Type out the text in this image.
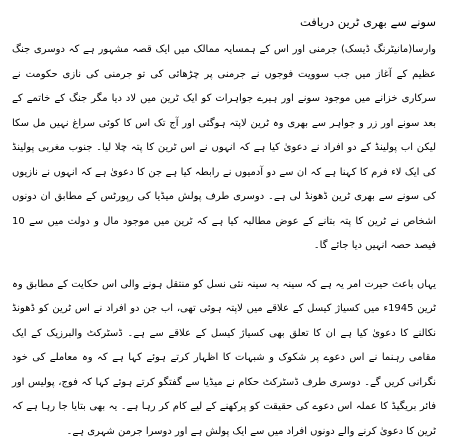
سونے سے بھری ٹرین دریافت

وارسا(مانیٹرنگ ڈیسک) جرمنی اور اس کے ہمسایہ ممالک میں ایک قصہ مشہور ہے کہ دوسری جنگ عظیم کے آغاز میں جب سوویت فوجوں نے جرمنی پر چڑھائی کی تو جرمنی کی نازی حکومت نے سرکاری خزانے میں موجود سونے اور ہیرے جواہرات کو ایک ٹرین میں لاد دیا مگر جنگ کے خاتمے کے بعد سونے اور زر و جواہر سے بھری وہ ٹرین لاپتہ ہوگئی اور آج تک اس کا کوئی سراغ نہیں مل سکا لیکن اب پولینڈ کے دو افراد نے دعویٰ کیا ہے کہ انہوں نے اس ٹرین کا پتہ چلا لیا۔ جنوب مغربی پولینڈ کی ایک لاء فرم کا کہنا ہے کہ ان سے دو آدمیوں نے رابطہ کیا ہے جن کا دعویٰ ہے کہ انہوں نے نازیوں کی سونے سے بھری ٹرین ڈھونڈ لی ہے۔ دوسری طرف پولش میڈیا کی رپورٹس کے مطابق ان دونوں اشخاص نے ٹرین کا پتہ بتانے کے عوض مطالبہ کیا ہے کہ ٹرین میں موجود مال و دولت میں سے 10 فیصد حصہ انہیں دیا جائے گا۔

یہاں باعث حیرت امر یہ ہے کہ سینہ بہ سینہ نئی نسل کو منتقل ہونے والی اس حکایت کے مطابق وہ ٹرین 1945ء میں کسیاژ کیسل کے علاقے میں لاپتہ ہوئی تھی، اب جن دو افراد نے اس ٹرین کو ڈھونڈ نکالنے کا دعویٰ کیا ہے ان کا تعلق بھی کسیاژ کیسل کے علاقے سے ہے۔ ڈسٹرکٹ والبرزیک کے ایک مقامی رہنما نے اس دعوے پر شکوک و شبہات کا اظہار کرتے ہوئے کہا ہے کہ وہ معاملے کی خود نگرانی کریں گے۔ دوسری طرف ڈسٹرکٹ حکام نے میڈیا سے گفتگو کرتے ہوئے کہا کہ فوج، پولیس اور فائر بریگیڈ کا عملہ اس دعوے کی حقیقت کو پرکھنے کے لیے کام کر رہا ہے۔ یہ بھی بتایا جا رہا ہے کہ ٹرین کا دعویٰ کرنے والے دونوں افراد میں سے ایک پولش ہے اور دوسرا جرمن شہری ہے۔
